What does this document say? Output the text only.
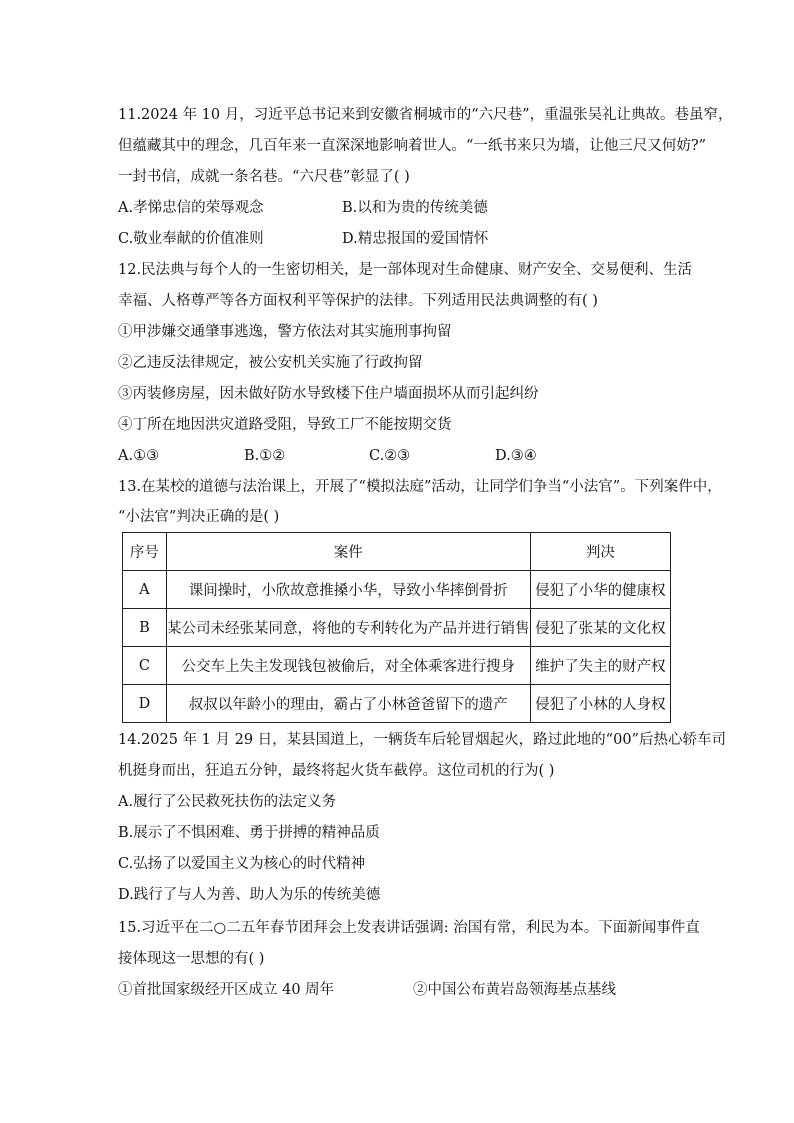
11.2024 年 10 月，习近平总书记来到安徽省桐城市的“六尺巷”，重温张吴礼让典故。巷虽窄，
但蕴藏其中的理念，几百年来一直深深地影响着世人。“一纸书来只为墙，让他三尺又何妨?”
一封书信，成就一条名巷。“六尺巷”彰显了( )
A.孝悌忠信的荣辱观念	B.以和为贵的传统美德
C.敬业奉献的价值准则	D.精忠报国的爱国情怀
12.民法典与每个人的一生密切相关，是一部体现对生命健康、财产安全、交易便利、生活
幸福、人格尊严等各方面权利平等保护的法律。下列适用民法典调整的有( )
①甲涉嫌交通肇事逃逸，警方依法对其实施刑事拘留
②乙违反法律规定，被公安机关实施了行政拘留
③丙装修房屋，因未做好防水导致楼下住户墙面损坏从而引起纠纷
④丁所在地因洪灾道路受阻，导致工厂不能按期交货
A.①③	B.①②	C.②③	D.③④
13.在某校的道德与法治课上，开展了“模拟法庭”活动，让同学们争当“小法官”。下列案件中，
“小法官”判决正确的是( )
序号	案件	判决
A	课间操时，小欣故意推搡小华，导致小华摔倒骨折	侵犯了小华的健康权
B	某公司未经张某同意，将他的专利转化为产品并进行销售	侵犯了张某的文化权
C	公交车上失主发现钱包被偷后，对全体乘客进行搜身	维护了失主的财产权
D	叔叔以年龄小的理由，霸占了小林爸爸留下的遗产	侵犯了小林的人身权
14.2025 年 1 月 29 日，某县国道上，一辆货车后轮冒烟起火，路过此地的“00”后热心轿车司
机挺身而出，狂追五分钟，最终将起火货车截停。这位司机的行为( )
A.履行了公民救死扶伤的法定义务
B.展示了不惧困难、勇于拼搏的精神品质
C.弘扬了以爱国主义为核心的时代精神
D.践行了与人为善、助人为乐的传统美德
15.习近平在二○二五年春节团拜会上发表讲话强调: 治国有常，利民为本。下面新闻事件直
接体现这一思想的有( )
①首批国家级经开区成立 40 周年	②中国公布黄岩岛领海基点基线
